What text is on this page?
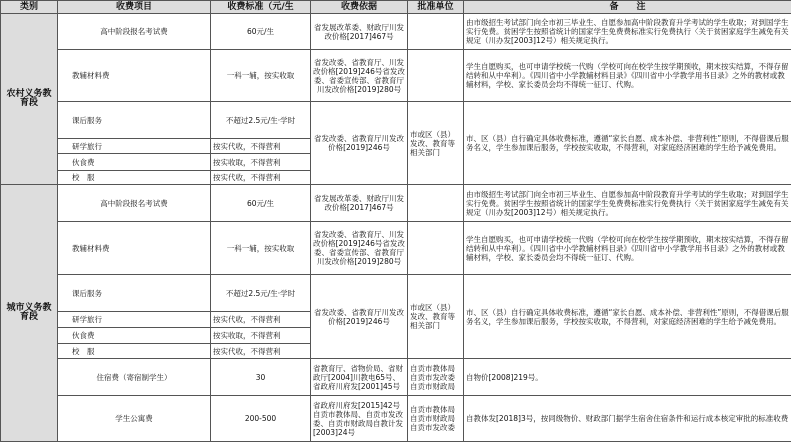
类别	收费项目	收费标准（元/生	收费依据	批准单位	备　　注
农村义务教育段	高中阶段报名考试费	60元/生	省发展改革委、财政厅川发改价格[2017]467号		由市级招生考试部门向全市初三毕业生、自愿参加高中阶段教育升学考试的学生收取；对到国学生实行免费。贫困学生按照省统计的国家学生免费费标准实行免费执行〈关于贫困家庭学生减免有关规定（川办发[2003]12号）相关规定执行。
	教辅材料费	一科一辅，按实收取	省发改委、省教育厅、川发改价格[2019]246号省发改委、省委宣传部、省教育厅川发改价格[2019]280号		学生自愿购买，也可申请学校统一代购（学校可向在校学生按学期预收，期末按实结算，不得存留结转和从中牟利）。《四川省中小学教辅材料目录》《四川省中小学教学用书目录》之外的教材或教辅材料，学校、家长委员会均不得统一征订、代购。
	课后服务	不超过2.5元/生·学时	省发改委、省教育厅川发改价格[2019]246号	市或区（县）发改、教育等相关部门	市、区（县）自行确定具体收费标准，遵循“家长自愿、成本补偿、非营利性”原则，不得借课后服务名义，学生参加课后服务，学校按实收取，不得营利，对家庭经济困难的学生给予减免费用。
	研学旅行	按实代收，不得营利			
	伙食费	按实收取，不得营利			
	校　服	按实代收，不得营利			
城市义务教育段	高中阶段报名考试费	60元/生	省发展改革委、财政厅川发改价格[2017]467号		由市级招生考试部门向全市初三毕业生、自愿参加高中阶段教育升学考试的学生收取；对到国学生实行免费。贫困学生按照省统计的国家学生免费费标准实行免费执行〈关于贫困家庭学生减免有关规定（川办发[2003]12号）相关规定执行。
	教辅材料费	一科一辅，按实收取	省发改委、省教育厅、川发改价格[2019]246号省发改委、省委宣传部、省教育厅川发改价格[2019]280号		学生自愿购买，也可申请学校统一代购（学校可向在校学生按学期预收，期末按实结算，不得存留结转和从中牟利）。《四川省中小学教辅材料目录》《四川省中小学教学用书目录》之外的教材或教辅材料，学校、家长委员会均不得统一征订、代购。
	课后服务	不超过2.5元/生·学时	省发改委、省教育厅川发改价格[2019]246号	市或区（县）发改、教育等相关部门	市、区（县）自行确定具体收费标准，遵循“家长自愿、成本补偿、非营利性”原则，不得借课后服务名义，学生参加课后服务，学校按实收取，不得营利，对家庭经济困难的学生给予减免费用。
	研学旅行	按实代收，不得营利			
	伙食费	按实收取，不得营利			
	校　服	按实代收，不得营利			
	住宿费（寄宿制学生）	30	省教育厅、省物价局、省财政厅[2004]川教电65号、省政府川府发[2001]45号	自贡市教体局自贡市发改委自贡市财政局	自物价[2008]219号。
	学生公寓费	200-500	省政府川府发[2015]42号自贡市教体局、自贡市发改委、自贡市财政局自教计发[2003]24号	自贡市教体局自贡市财政局自贡市发改委	自教体发[2018]3号，按同级物价、财政部门据学生宿舍住宿条件和运行成本核定审批的标准收费
